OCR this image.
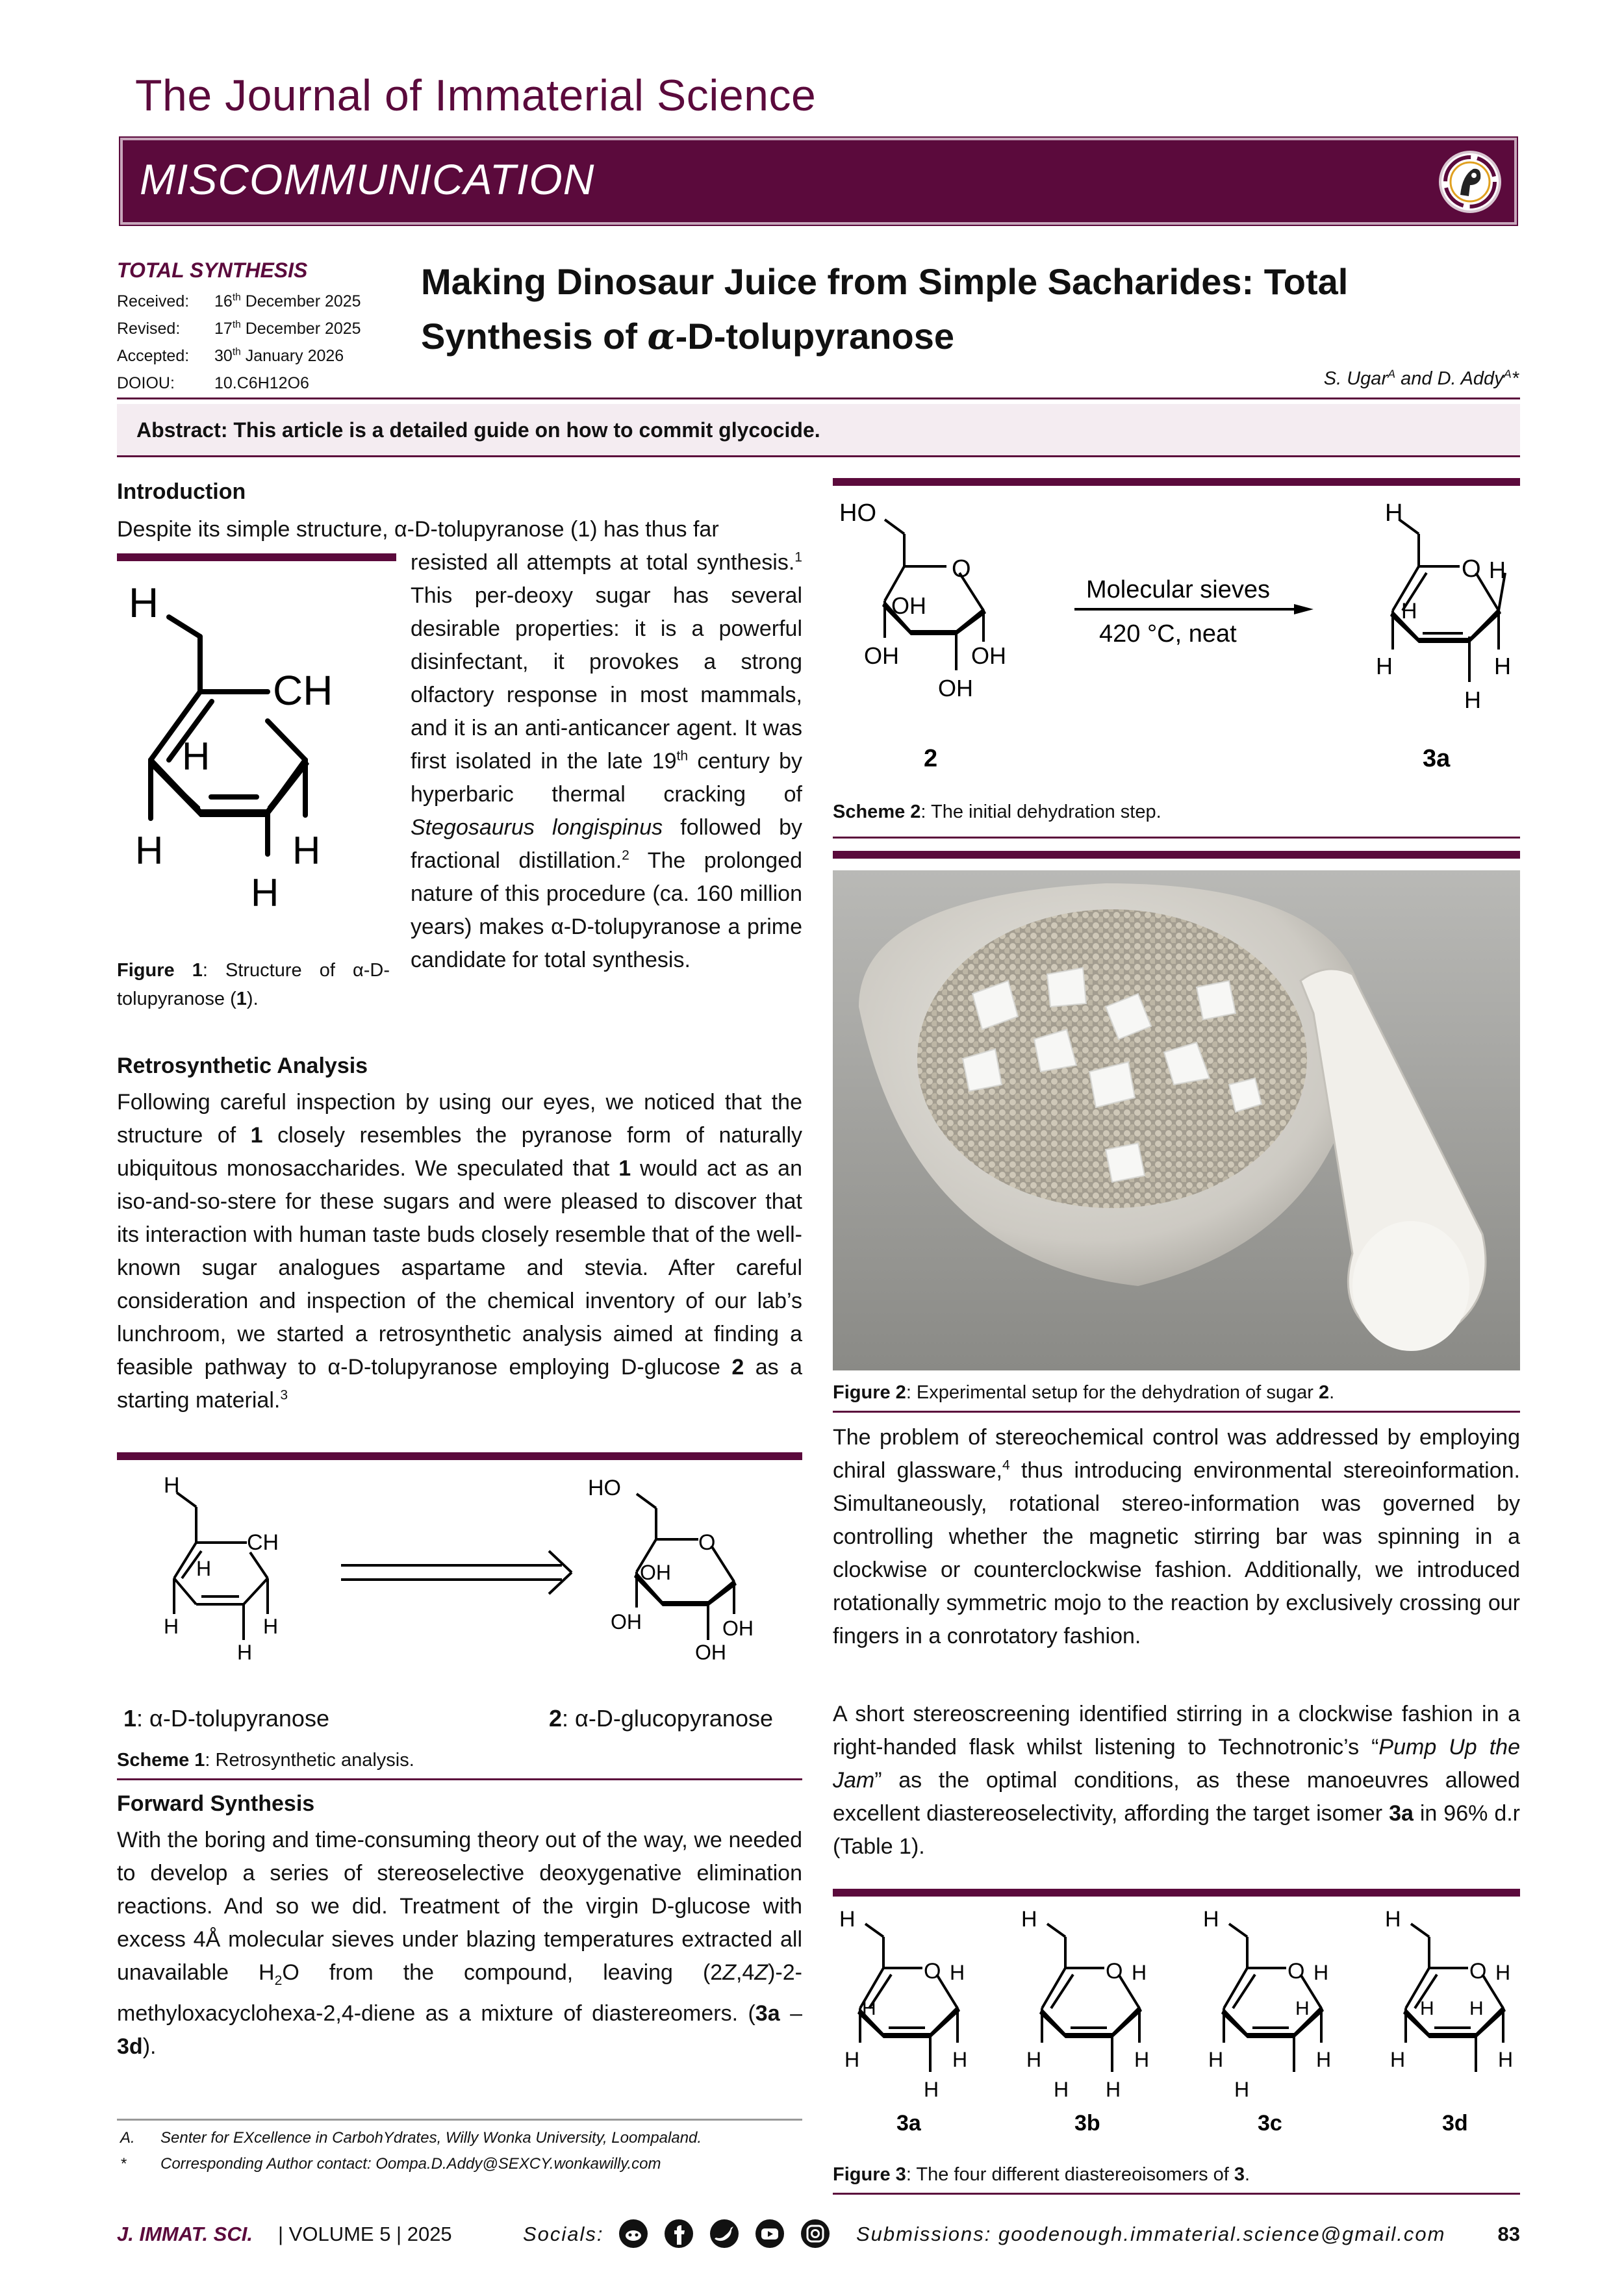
The Journal of Immaterial Science
MISCOMMUNICATION
TOTAL SYNTHESIS
Received:	16th December 2025
Revised:	17th December 2025
Accepted:	30th January 2026
DOIOU:	10.C6H12O6
Making Dinosaur Juice from Simple Sacharides: Total
Synthesis of α-D-tolupyranose
S. Ugar$^A$ and D. Addy$^A$*
Abstract: This article is a detailed guide on how to commit glycocide.
Introduction
Despite its simple structure, α-D-tolupyranose (1) has thus far
H
CH
H
H	H
H
Figure 1: Structure of α-D-tolupyranose (1).
resisted all attempts at total synthesis.$^1$ This per-deoxy sugar has several desirable properties: it is a powerful disinfectant, it provokes a strong olfactory response in most mammals, and it is an anti-anticancer agent. It was first isolated in the late 19th century by hyperbaric thermal cracking of Stegosaurus longispinus followed by fractional distillation.$^2$ The prolonged nature of this procedure (ca. 160 million years) makes α-D-tolupyranose a prime candidate for total synthesis.
Retrosynthetic Analysis
Following careful inspection by using our eyes, we noticed that the structure of 1 closely resembles the pyranose form of naturally ubiquitous monosaccharides. We speculated that 1 would act as an iso-and-so-stere for these sugars and were pleased to discover that its interaction with human taste buds closely resemble that of the well-known sugar analogues aspartame and stevia. After careful consideration and inspection of the chemical inventory of our lab’s lunchroom, we started a retrosynthetic analysis aimed at finding a feasible pathway to α-D-tolupyranose employing D-glucose 2 as a starting material.$^3$
H
CH
H
H	H
H
HO
O
OH
OH	OH
OH
1: α-D-tolupyranose	2: α-D-glucopyranose
Scheme 1: Retrosynthetic analysis.
Forward Synthesis
With the boring and time-consuming theory out of the way, we needed to develop a series of stereoselective deoxygenative elimination reactions. And so we did. Treatment of the virgin D-glucose with excess 4Å molecular sieves under blazing temperatures extracted all unavailable $H_2O$ from the compound, leaving (2Z,4Z)-2-methyloxacyclohexa-2,4-diene as a mixture of diastereomers. (3a – 3d).
A. Senter for EXcellence in CarbohYdrates, Willy Wonka University, Loompaland.
* Corresponding Author contact: Oompa.D.Addy@SEXCY.wonkawilly.com
HO
O
OH
OH	OH
OH
Molecular sieves
420 °C, neat
H
O H
H
H	H
H
2	3a
Scheme 2: The initial dehydration step.
Figure 2: Experimental setup for the dehydration of sugar 2.
The problem of stereochemical control was addressed by employing chiral glassware,$^4$ thus introducing environmental stereoinformation. Simultaneously, rotational stereo-information was governed by controlling whether the magnetic stirring bar was spinning in a clockwise or counterclockwise fashion. Additionally, we introduced rotationally symmetric mojo to the reaction by exclusively crossing our fingers in a conrotatory fashion.
A short stereoscreening identified stirring in a clockwise fashion in a right-handed flask whilst listening to Technotronic’s “Pump Up the Jam” as the optimal conditions, as these manoeuvres allowed excellent diastereoselectivity, affording the target isomer 3a in 96% d.r (Table 1).
H
O H
H
H	H
H
H
O H
H	H
H H
H
O H
H
H	H
H
H
O H
H H
H	H
3a	3b	3c	3d
Figure 3: The four different diastereoisomers of 3.
J. IMMAT. SCI. | VOLUME 5 | 2025	Socials:	Submissions: goodenough.immaterial.science@gmail.com	83
